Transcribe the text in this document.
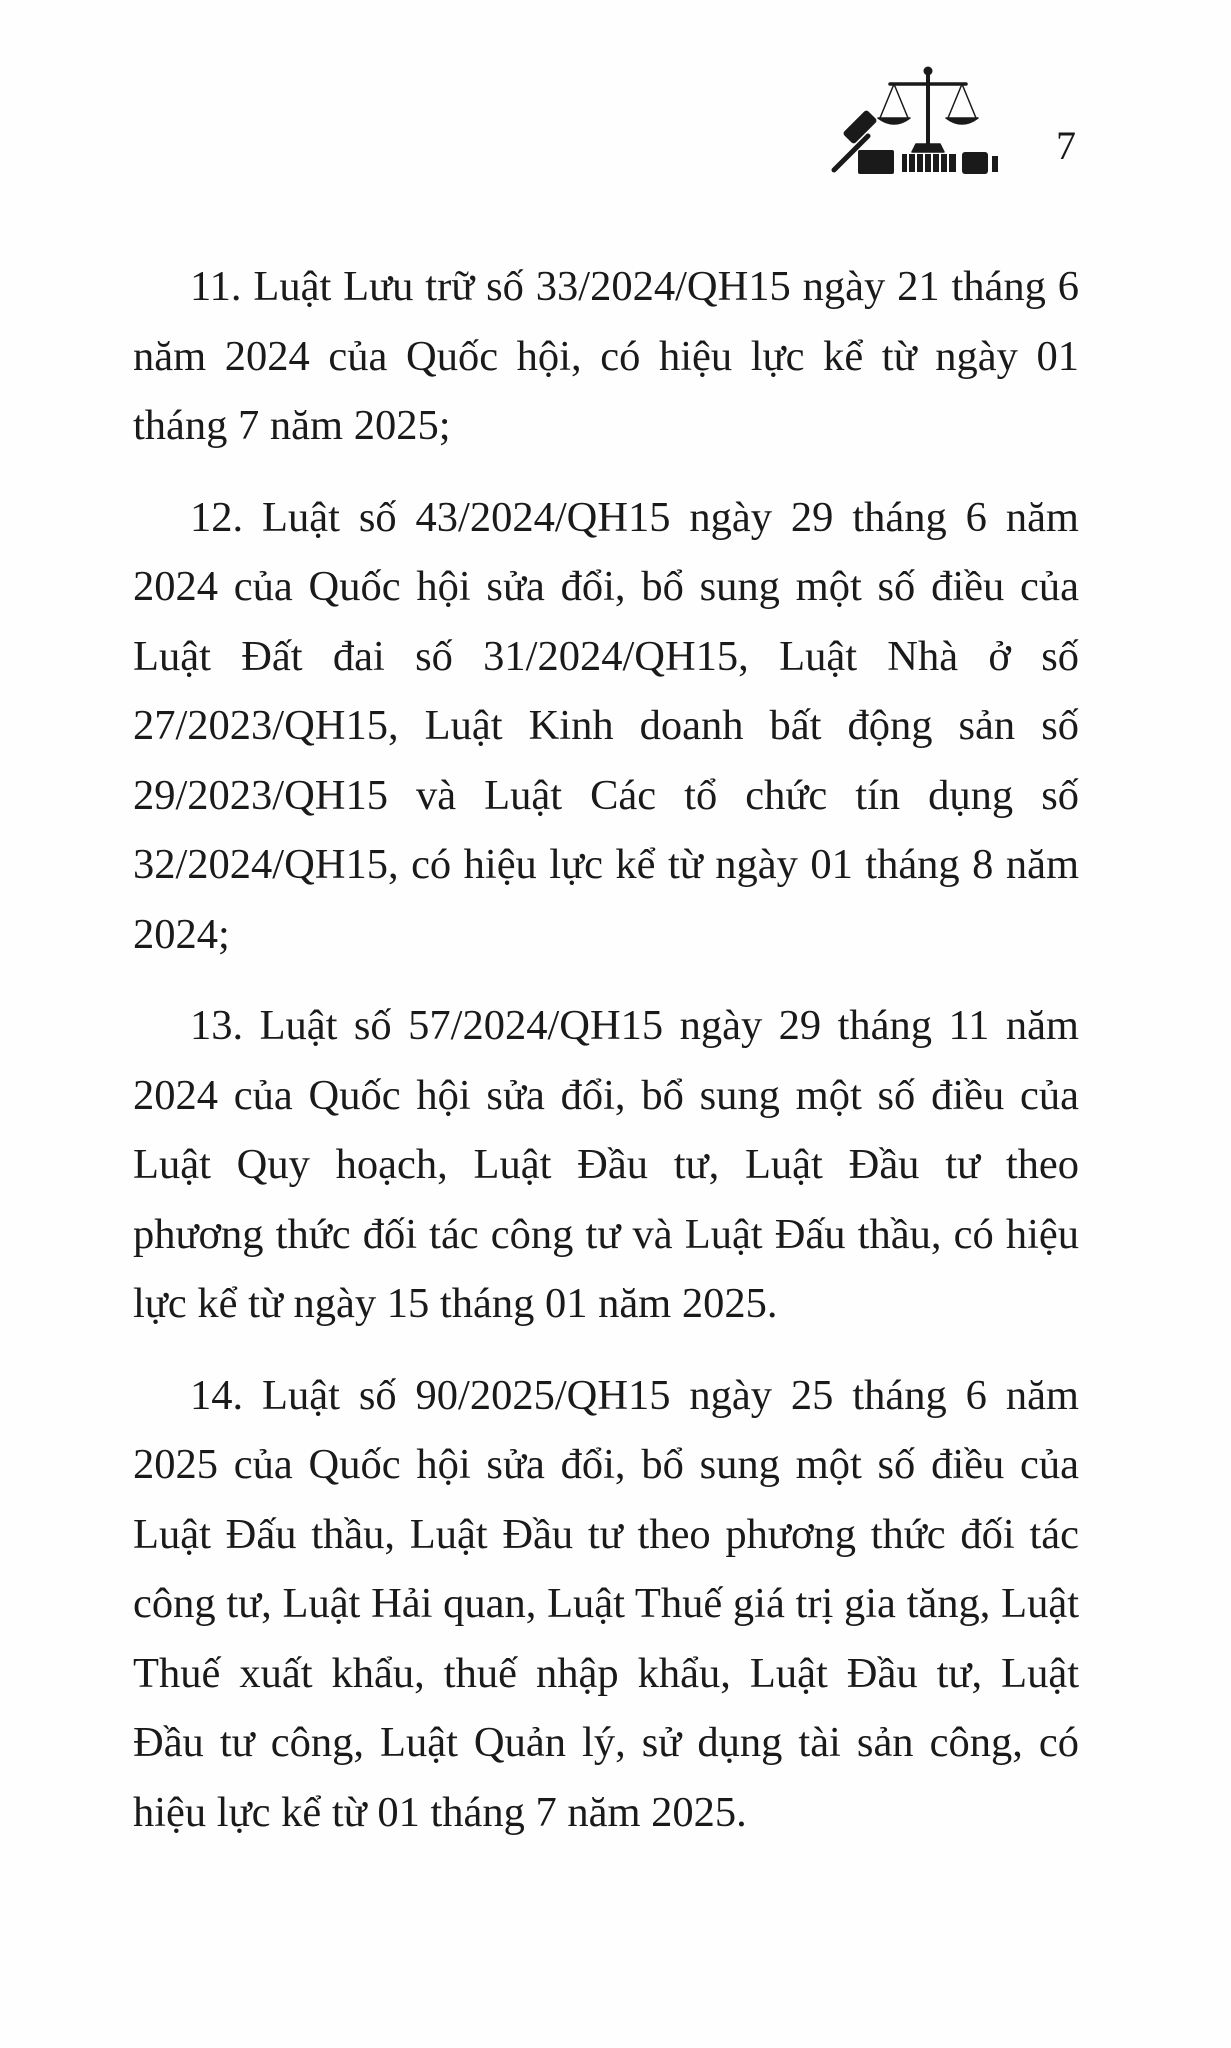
7

11. Luật Lưu trữ số 33/2024/QH15 ngày 21 tháng 6 năm 2024 của Quốc hội, có hiệu lực kể từ ngày 01 tháng 7 năm 2025;

12. Luật số 43/2024/QH15 ngày 29 tháng 6 năm 2024 của Quốc hội sửa đổi, bổ sung một số điều của Luật Đất đai số 31/2024/QH15, Luật Nhà ở số 27/2023/QH15, Luật Kinh doanh bất động sản số 29/2023/QH15 và Luật Các tổ chức tín dụng số 32/2024/QH15, có hiệu lực kể từ ngày 01 tháng 8 năm 2024;

13. Luật số 57/2024/QH15 ngày 29 tháng 11 năm 2024 của Quốc hội sửa đổi, bổ sung một số điều của Luật Quy hoạch, Luật Đầu tư, Luật Đầu tư theo phương thức đối tác công tư và Luật Đấu thầu, có hiệu lực kể từ ngày 15 tháng 01 năm 2025.

14. Luật số 90/2025/QH15 ngày 25 tháng 6 năm 2025 của Quốc hội sửa đổi, bổ sung một số điều của Luật Đấu thầu, Luật Đầu tư theo phương thức đối tác công tư, Luật Hải quan, Luật Thuế giá trị gia tăng, Luật Thuế xuất khẩu, thuế nhập khẩu, Luật Đầu tư, Luật Đầu tư công, Luật Quản lý, sử dụng tài sản công, có hiệu lực kể từ 01 tháng 7 năm 2025.
